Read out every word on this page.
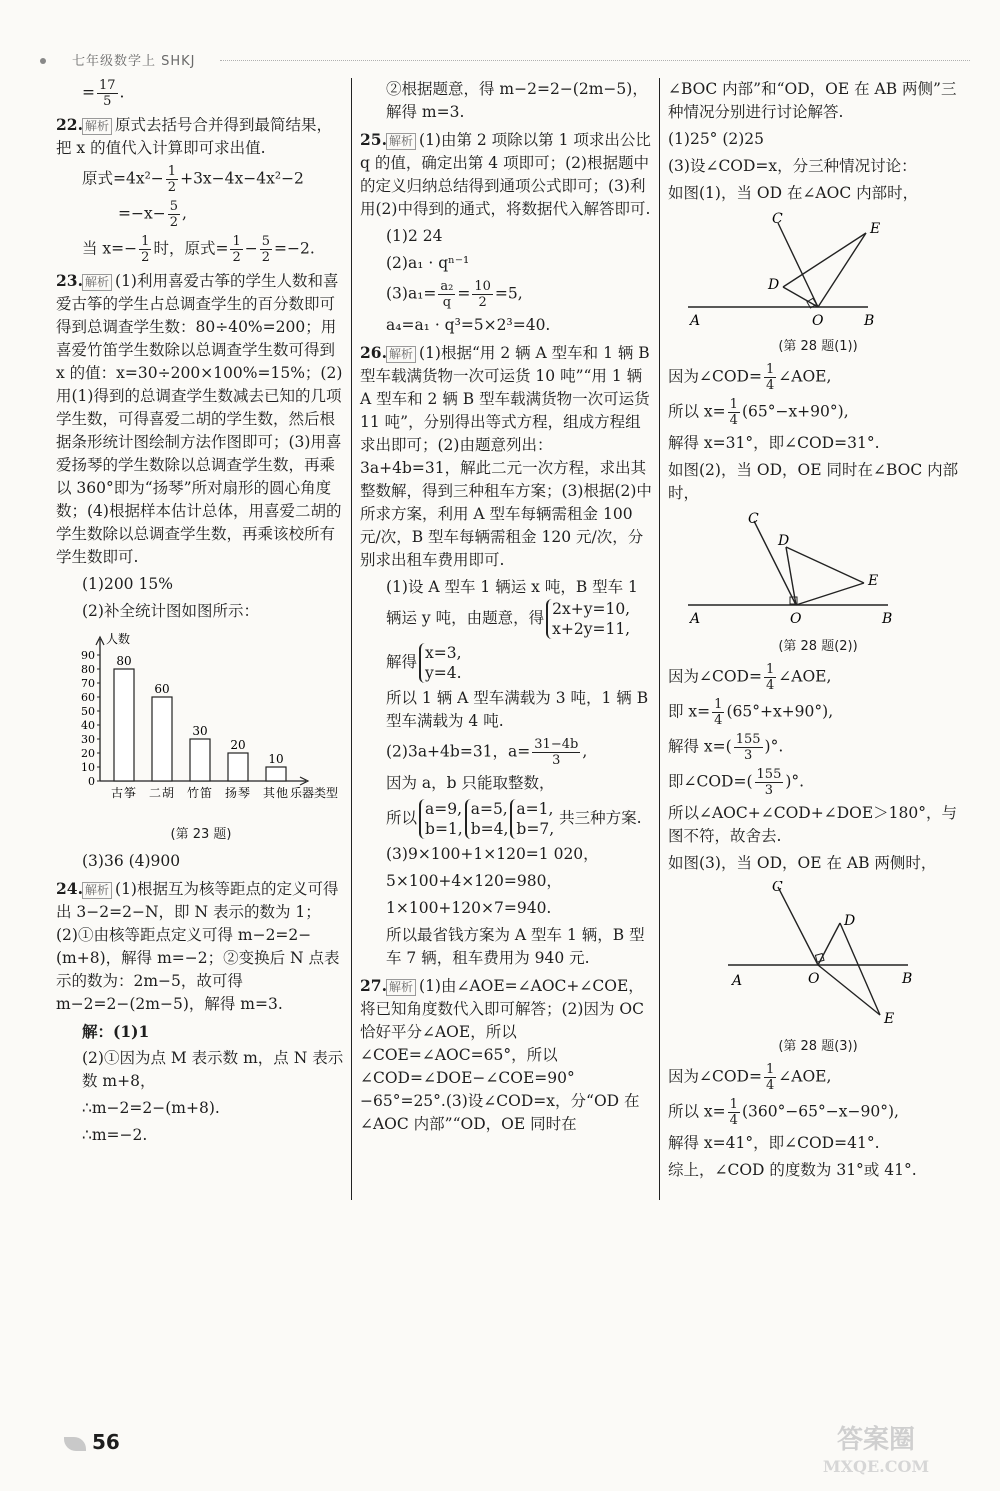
七年级数学上 SHKJ
= $\frac{17}{5}$ .
22. 解析 原式去括号合并得到最简结果，把 x 的值代入计算即可求出值.
原式$=4x^2- \frac{1}{2} +3x-4x-4x^2-2$
$=-x- \frac{5}{2}$ ,
当 $x=- \frac{1}{2}$ 时，原式= $\frac{1}{2} - \frac{5}{2} =-2$.
23. 解析 (1)利用喜爱古筝的学生人数和喜爱古筝的学生占总调查学生的百分数即可得到总调查学生数：80÷40%=200；用喜爱竹笛学生数除以总调查学生数可得到 x 的值：x=30÷200×100%=15%；(2)用(1)得到的总调查学生数减去已知的几项学生数，可得喜爱二胡的学生数，然后根据条形统计图绘制方法作图即可；(3)用喜爱扬琴的学生数除以总调查学生数，再乘以 360°即为“扬琴”所对扇形的圆心角度数；(4)根据样本估计总体，用喜爱二胡的学生数除以总调查学生数，再乘该校所有学生数即可.
(1)200 15%
(2)补全统计图如图所示：
人数
0
10
20
30
40
50
60
70
80
90 80
古筝
60
二胡
30
竹笛
20
扬琴
10
其他 乐器类型
(第 23 题)
(3)36 (4)900
24. 解析 (1)根据互为核等距点的定义可得出 3−2=2−N，即 N 表示的数为 1；(2)①由核等距点定义可得 m−2=2−(m+8)，解得 m=−2；②变换后 N 点表示的数为：2m−5，故可得 m−2=2−(2m−5)，解得 m=3.
解：(1)1
(2)①因为点 M 表示数 m，点 N 表示数 m+8，
∴m−2=2−(m+8).
∴m=−2.
②根据题意，得 m−2=2−(2m−5)，解得 m=3.
25. 解析 (1)由第 2 项除以第 1 项求出公比 q 的值，确定出第 4 项即可；(2)根据题中的定义归纳总结得到通项公式即可；(3)利用(2)中得到的通式，将数据代入解答即可.
(1)2 24
(2)a₁ · qⁿ⁻¹
$(3)a_1= \frac{\text{a₂}}{q} = \frac{10}{2} =5$,
a₄=a₁ · q³=5×2³=40.
26. 解析 (1)根据“用 2 辆 A 型车和 1 辆 B 型车载满货物一次可运货 10 吨”“用 1 辆 A 型车和 2 辆 B 型车载满货物一次可运货 11 吨”，分别得出等式方程，组成方程组求出即可；(2)由题意列出：3a+4b=31，解此二元一次方程，求出其整数解，得到三种租车方案；(3)根据(2)中所求方案，利用 A 型车每辆需租金 100 元/次，B 型车每辆需租金 120 元/次，分别求出租车费用即可.
(1)设 A 型车 1 辆运 x 吨，B 型车 1 辆运 y 吨，由题意，得 2x+y=10,
x+2y=11,
解得 x=3,
y=4.
所以 1 辆 A 型车满载为 3 吨，1 辆 B 型车满载为 4 吨.
(2)3a+4b=31，$a= \frac{31-4b}{3}$ ,
因为 a，b 只能取整数，
所以 a=9,
b=1,a=5,
b=4,a=1,
b=7, 共三种方案.
(3)9×100+1×120=1 020，
5×100+4×120=980，
1×100+120×7=940.
所以最省钱方案为 A 型车 1 辆，B 型车 7 辆，租车费用为 940 元.
27. 解析 (1)由∠AOE=∠AOC+∠COE，将已知角度数代入即可解答；(2)因为 OC 恰好平分∠AOE，所以∠COE=∠AOC=65°，所以∠COD=∠DOE−∠COE=90°−65°=25°.(3)设∠COD=x，分“OD 在∠AOC 内部”“OD，OE 同时在
∠BOC 内部”和“OD，OE 在 AB 两侧”三种情况分别进行讨论解答.
(1)25° (2)25
(3)设∠COD=x，分三种情况讨论：
如图(1)，当 OD 在∠AOC 内部时，
C
E
D
A	O	B
(第 28 题(1))
因为∠COD= $\frac{1}{4}$ ∠AOE,
所以 $x= \frac{1}{4} (65^\circ-x+90^\circ)$,
解得 x=31°，即∠COD=31°.
如图(2)，当 OD，OE 同时在∠BOC 内部时，
C
D
E
A	O	B
(第 28 题(2))
因为∠COD= $\frac{1}{4}$ ∠AOE,
即 $x= \frac{1}{4} (65^\circ+x+90^\circ)$,
解得 $x=( \frac{155}{3}$ )°.
即∠COD=( $\frac{155}{3}$ )°.
所以∠AOC+∠COD+∠DOE＞180°，与图不符，故舍去.
如图(3)，当 OD，OE 在 AB 两侧时，
C
D
A	O	B
E
(第 28 题(3))
因为∠COD= $\frac{1}{4}$ ∠AOE,
所以 $x= \frac{1}{4} (360^\circ-65^\circ-x-90^\circ)$,
解得 x=41°，即∠COD=41°.
综上，∠COD 的度数为 31°或 41°.
56	答案圈
MXQE.COM
